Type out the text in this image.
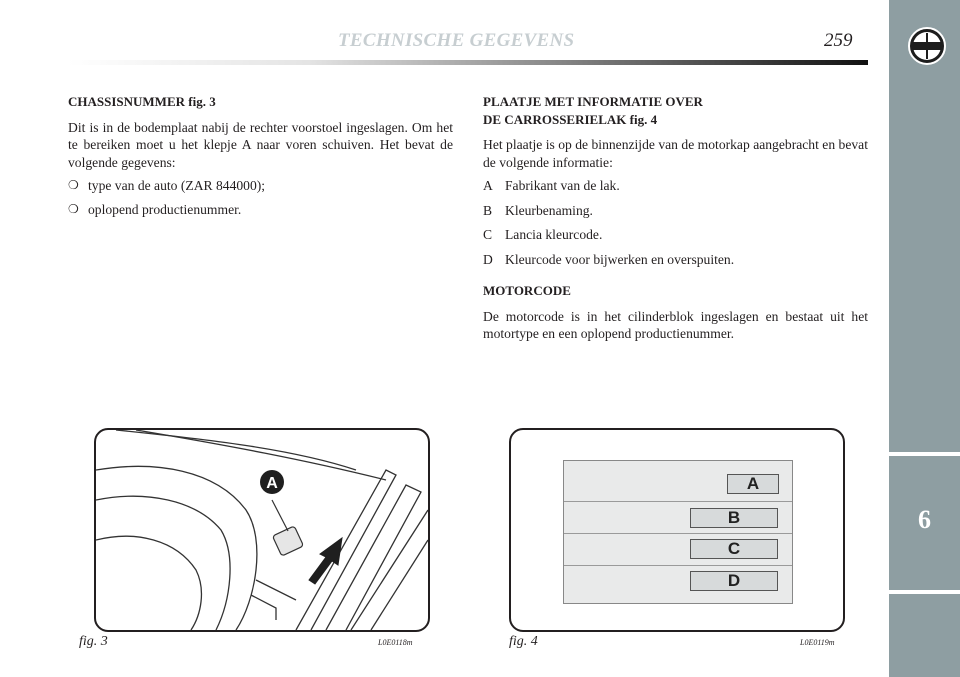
TECHNISCHE GEGEVENS	259
6
CHASSISNUMMER fig. 3

Dit is in de bodemplaat nabij de rechter voorstoel ingeslagen. Om het te bereiken moet u het klepje A naar voren schuiven. Het bevat de volgende gegevens:

❍ type van de auto (ZAR 844000);
❍ oplopend productienummer.
PLAATJE MET INFORMATIE OVER
DE CARROSSERIELAK fig. 4

Het plaatje is op de binnenzijde van de motorkap aangebracht en bevat de volgende informatie:

A Fabrikant van de lak.
B Kleurbenaming.
C Lancia kleurcode.
D Kleurcode voor bijwerken en overspuiten.
MOTORCODE

De motorcode is in het cilinderblok ingeslagen en bestaat uit het motortype en een oplopend productienummer.

A
fig. 3	L0E0118m
A
B
C
D
fig. 4	L0E0119m
